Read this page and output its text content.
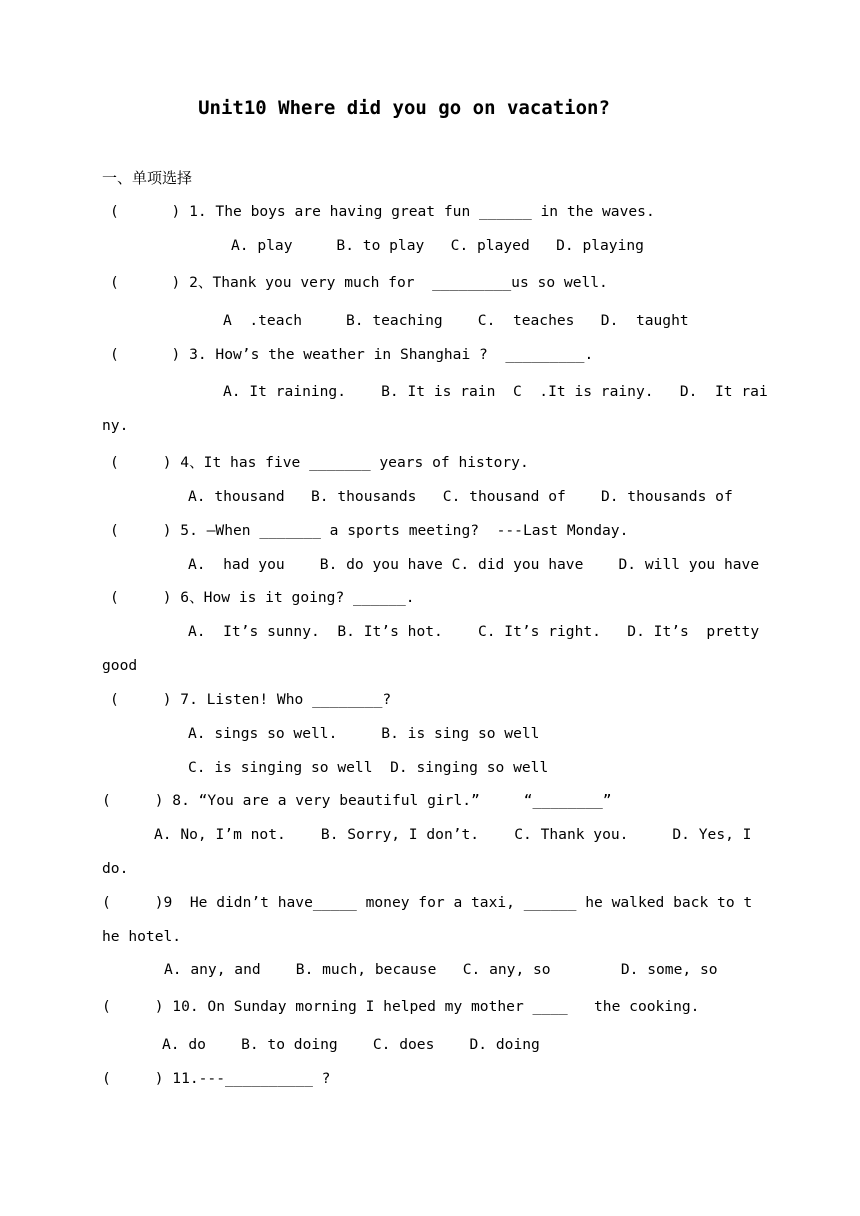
Unit10 Where did you go on vacation?
一、单项选择
(      ) 1. The boys are having great fun ______ in the waves.
A. play     B. to play   C. played   D. playing
(      ) 2、Thank you very much for  _________us so well.
A  .teach     B. teaching    C.  teaches   D.  taught
(      ) 3. How’s the weather in Shanghai ?  _________.
A. It raining.    B. It is rain  C  .It is rainy.   D.  It rai
ny.
(     ) 4、It has five _______ years of history.
A. thousand   B. thousands   C. thousand of    D. thousands of
(     ) 5. —When _______ a sports meeting?  ---Last Monday.
A.  had you    B. do you have C. did you have    D. will you have
(     ) 6、How is it going? ______.
A.  It’s sunny.  B. It’s hot.    C. It’s right.   D. It’s  pretty
good
(     ) 7. Listen! Who ________?
A. sings so well.     B. is sing so well
C. is singing so well  D. singing so well
(     ) 8. “You are a very beautiful girl.”     “________”
A. No, I’m not.    B. Sorry, I don’t.    C. Thank you.     D. Yes, I
do.
(     )9  He didn’t have_____ money for a taxi, ______ he walked back to t
he hotel.
A. any, and    B. much, because   C. any, so        D. some, so
(     ) 10. On Sunday morning I helped my mother ____   the cooking.
A. do    B. to doing    C. does    D. doing
(     ) 11.---__________ ?
